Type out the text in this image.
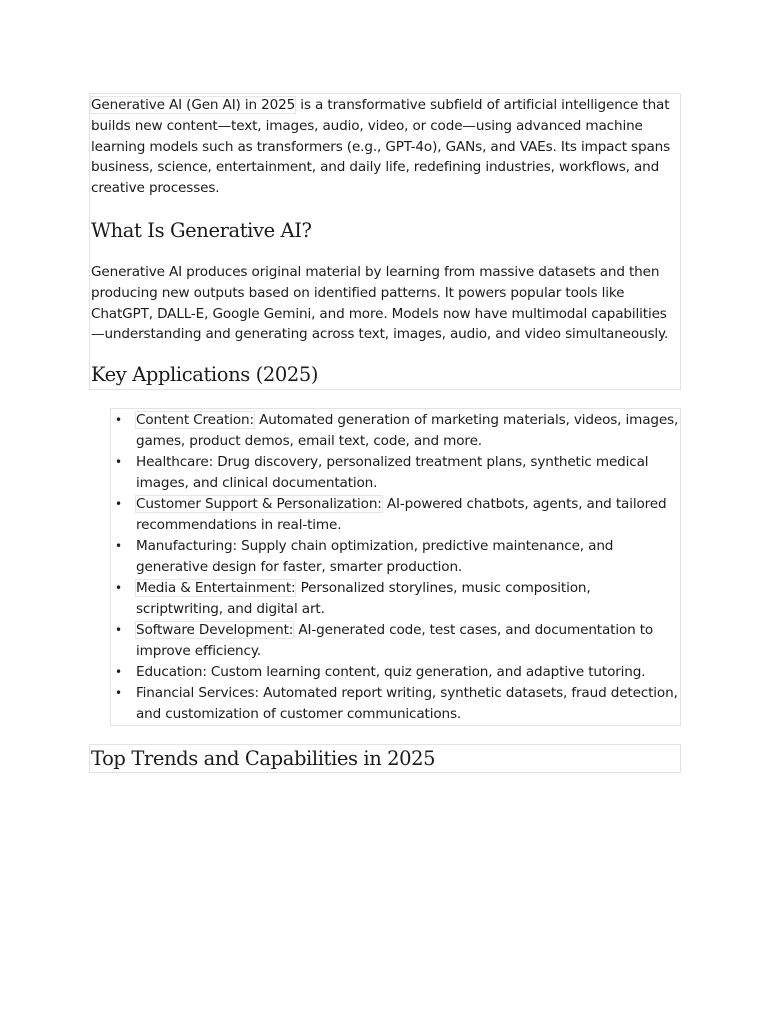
Generative AI (Gen AI) in 2025 is a transformative subfield of artificial intelligence that builds new content—text, images, audio, video, or code—using advanced machine learning models such as transformers (e.g., GPT-4o), GANs, and VAEs. Its impact spans business, science, entertainment, and daily life, redefining industries, workflows, and creative processes.

What Is Generative AI?

Generative AI produces original material by learning from massive datasets and then producing new outputs based on identified patterns. It powers popular tools like ChatGPT, DALL-E, Google Gemini, and more. Models now have multimodal capabilities—understanding and generating across text, images, audio, and video simultaneously.

Key Applications (2025)
• Content Creation: Automated generation of marketing materials, videos, images, games, product demos, email text, code, and more.
• Healthcare: Drug discovery, personalized treatment plans, synthetic medical images, and clinical documentation.
• Customer Support & Personalization: AI-powered chatbots, agents, and tailored recommendations in real-time.
• Manufacturing: Supply chain optimization, predictive maintenance, and generative design for faster, smarter production.
• Media & Entertainment: Personalized storylines, music composition, scriptwriting, and digital art.
• Software Development: AI-generated code, test cases, and documentation to improve efficiency.
• Education: Custom learning content, quiz generation, and adaptive tutoring.
• Financial Services: Automated report writing, synthetic datasets, fraud detection, and customization of customer communications.
Top Trends and Capabilities in 2025
